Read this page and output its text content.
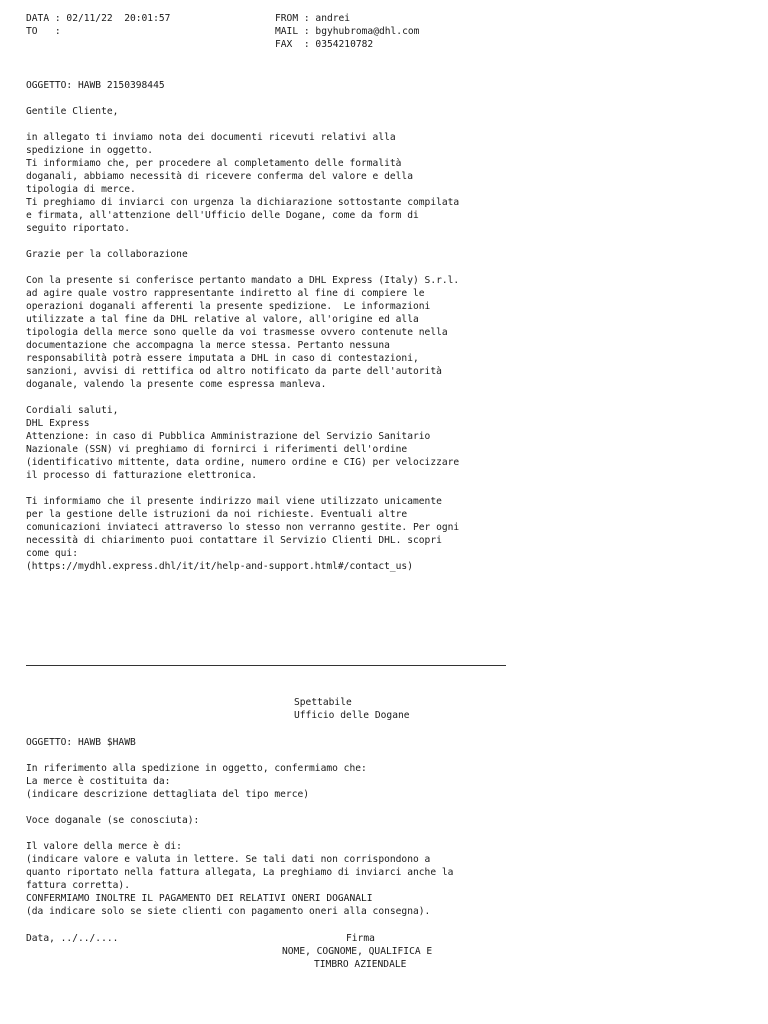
DATA : 02/11/22  20:01:57
TO   :
FROM : andrei
MAIL : bgyhubroma@dhl.com
FAX  : 0354210782
OGGETTO: HAWB 2150398445
Gentile Cliente,

in allegato ti inviamo nota dei documenti ricevuti relativi alla
spedizione in oggetto.
Ti informiamo che, per procedere al completamento delle formalità
doganali, abbiamo necessità di ricevere conferma del valore e della
tipologia di merce.
Ti preghiamo di inviarci con urgenza la dichiarazione sottostante compilata
e firmata, all'attenzione dell'Ufficio delle Dogane, come da form di
seguito riportato.

Grazie per la collaborazione

Con la presente si conferisce pertanto mandato a DHL Express (Italy) S.r.l.
ad agire quale vostro rappresentante indiretto al fine di compiere le
operazioni doganali afferenti la presente spedizione.  Le informazioni
utilizzate a tal fine da DHL relative al valore, all'origine ed alla
tipologia della merce sono quelle da voi trasmesse ovvero contenute nella
documentazione che accompagna la merce stessa. Pertanto nessuna
responsabilità potrà essere imputata a DHL in caso di contestazioni,
sanzioni, avvisi di rettifica od altro notificato da parte dell'autorità
doganale, valendo la presente come espressa manleva.

Cordiali saluti,
DHL Express
Attenzione: in caso di Pubblica Amministrazione del Servizio Sanitario
Nazionale (SSN) vi preghiamo di fornirci i riferimenti dell'ordine
(identificativo mittente, data ordine, numero ordine e CIG) per velocizzare
il processo di fatturazione elettronica.

Ti informiamo che il presente indirizzo mail viene utilizzato unicamente
per la gestione delle istruzioni da noi richieste. Eventuali altre
comunicazioni inviateci attraverso lo stesso non verranno gestite. Per ogni
necessità di chiarimento puoi contattare il Servizio Clienti DHL. scopri
come qui:
(https://mydhl.express.dhl/it/it/help-and-support.html#/contact_us)
Spettabile
Ufficio delle Dogane
OGGETTO: HAWB $HAWB
In riferimento alla spedizione in oggetto, confermiamo che:
La merce è costituita da:
(indicare descrizione dettagliata del tipo merce)

Voce doganale (se conosciuta):

Il valore della merce è di:
(indicare valore e valuta in lettere. Se tali dati non corrispondono a
quanto riportato nella fattura allegata, La preghiamo di inviarci anche la
fattura corretta).
CONFERMIAMO INOLTRE IL PAGAMENTO DEI RELATIVI ONERI DOGANALI
(da indicare solo se siete clienti con pagamento oneri alla consegna).
Data, ../../....	Firma
NOME, COGNOME, QUALIFICA E
TIMBRO AZIENDALE
